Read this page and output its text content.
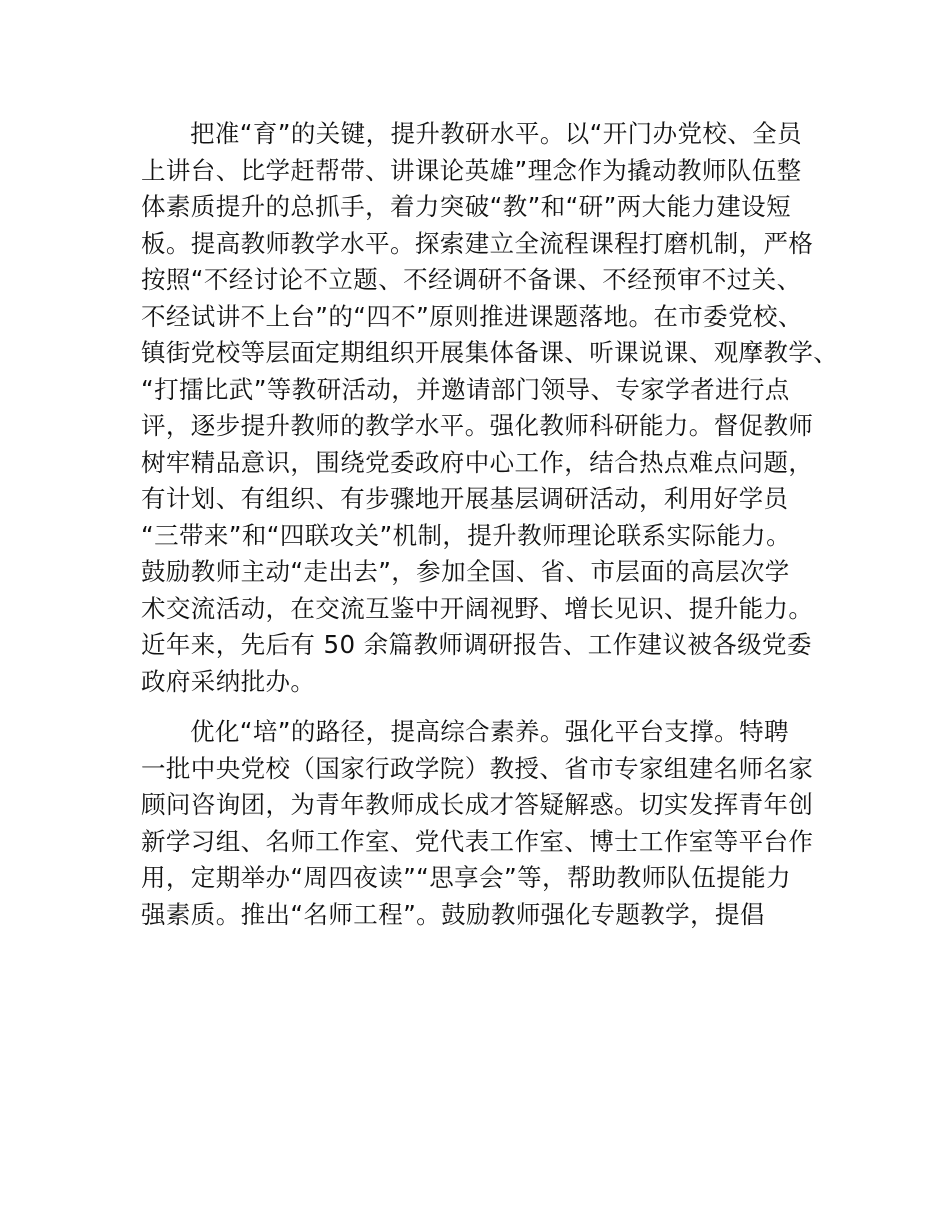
把准“育”的关键，提升教研水平。以“开门办党校、全员
上讲台、比学赶帮带、讲课论英雄”理念作为撬动教师队伍整
体素质提升的总抓手，着力突破“教”和“研”两大能力建设短
板。提高教师教学水平。探索建立全流程课程打磨机制，严格
按照“不经讨论不立题、不经调研不备课、不经预审不过关、
不经试讲不上台”的“四不”原则推进课题落地。在市委党校、
镇街党校等层面定期组织开展集体备课、听课说课、观摩教学、
“打擂比武”等教研活动，并邀请部门领导、专家学者进行点
评，逐步提升教师的教学水平。强化教师科研能力。督促教师
树牢精品意识，围绕党委政府中心工作，结合热点难点问题，
有计划、有组织、有步骤地开展基层调研活动，利用好学员
“三带来”和“四联攻关”机制，提升教师理论联系实际能力。
鼓励教师主动“走出去”，参加全国、省、市层面的高层次学
术交流活动，在交流互鉴中开阔视野、增长见识、提升能力。
近年来，先后有 50 余篇教师调研报告、工作建议被各级党委
政府采纳批办。

优化“培”的路径，提高综合素养。强化平台支撑。特聘
一批中央党校（国家行政学院）教授、省市专家组建名师名家
顾问咨询团，为青年教师成长成才答疑解惑。切实发挥青年创
新学习组、名师工作室、党代表工作室、博士工作室等平台作
用，定期举办“周四夜读”“思享会”等，帮助教师队伍提能力
强素质。推出“名师工程”。鼓励教师强化专题教学，提倡
